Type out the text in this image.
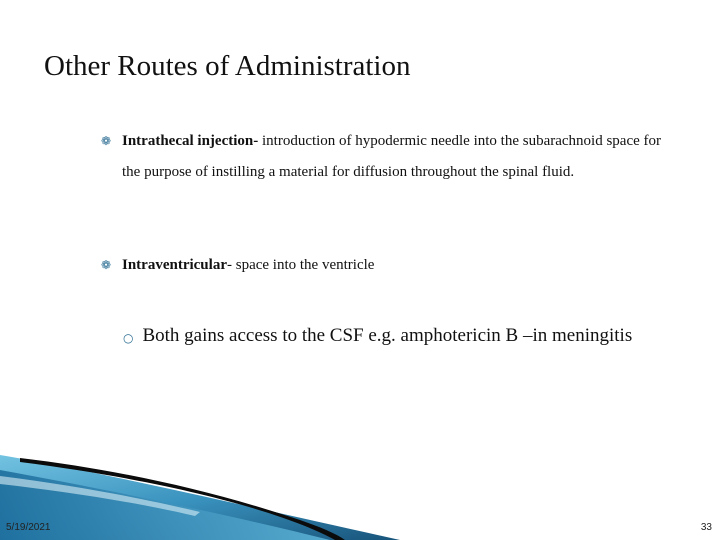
Other Routes of Administration
❁ Intrathecal injection- introduction of hypodermic needle into the subarachnoid space for the purpose of instilling a material for diffusion throughout the spinal fluid.
❁ Intraventricular- space into the ventricle
○ Both gains access to the CSF e.g. amphotericin B –in meningitis
5/19/2021	33
